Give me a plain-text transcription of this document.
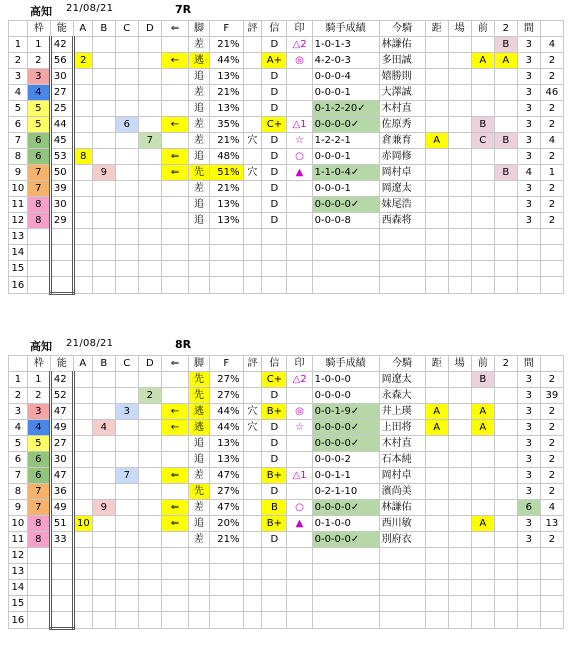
高知 21/08/21	7R
	枠	能	A	B	C	D	⇐	脚	F	評	信	印	騎手成績	今騎	距	場	前	2	間	
1	1	42						差	21%		D	△2	1-0-1-3	林謙佑				B	3	4
2	2	56	2				←	逃	44%		A+	◎	4-2-0-3	多田誠			A	A	3	2
3	3	30						追	13%		D		0-0-0-4	嬉勝則					3	2
4	4	27						差	21%		D		0-0-0-1	大澤誠					3	46
5	5	25						追	13%		D		0-1-2-20✓	木村直					3	2
6	5	44			6		←	差	35%		C+	△1	0-0-0-0✓	佐原秀			B		3	2
7	6	45				7		差	21%	穴	D	☆	1-2-2-1	倉兼育	A		C	B	3	4
8	6	53	8				⇐	追	48%		D	○	0-0-0-1	赤岡修					3	2
9	7	50		9			⇐	先	51%	穴	D	▲	1-1-0-4✓	岡村卓				B	4	1
10	7	39						差	21%		D		0-0-0-1	岡遼太					3	2
11	8	30						追	13%		D		0-0-0-0✓	妹尾浩					3	2
12	8	29						追	13%		D		0-0-0-8	西森将					3	2
13																				
14																				
15																				
16																				
高知 21/08/21	8R
	枠	能	A	B	C	D	⇐	脚	F	評	信	印	騎手成績	今騎	距	場	前	2	間	
1	1	42						先	27%		C+	△2	1-0-0-0	岡遼太			B		3	2
2	2	52				2		先	27%		D		0-0-0-0	永森大					3	39
3	3	47			3		←	逃	44%	穴	B+	◎	0-0-1-9✓	井上瑛	A		A		3	2
4	4	49		4			←	逃	44%	穴	D	☆	0-0-0-0✓	上田将	A		A		3	2
5	5	27						追	13%		D		0-0-0-0✓	木村直					3	2
6	6	30						追	13%		D		0-0-0-2	石本純					3	2
7	6	47			7		⇐	差	47%		B+	△1	0-0-1-1	岡村卓					3	2
8	7	36						先	27%		D		0-2-1-10	濱尚美					3	2
9	7	49		9			⇐	差	47%		B	○	0-0-0-0✓	林謙佑					6	4
10	8	51	10				⇐	追	20%		B+	▲	0-1-0-0	西川敏			A		3	13
11	8	33						差	21%		D		0-0-0-0✓	別府衣					3	2
12																				
13																				
14																				
15																				
16																				
